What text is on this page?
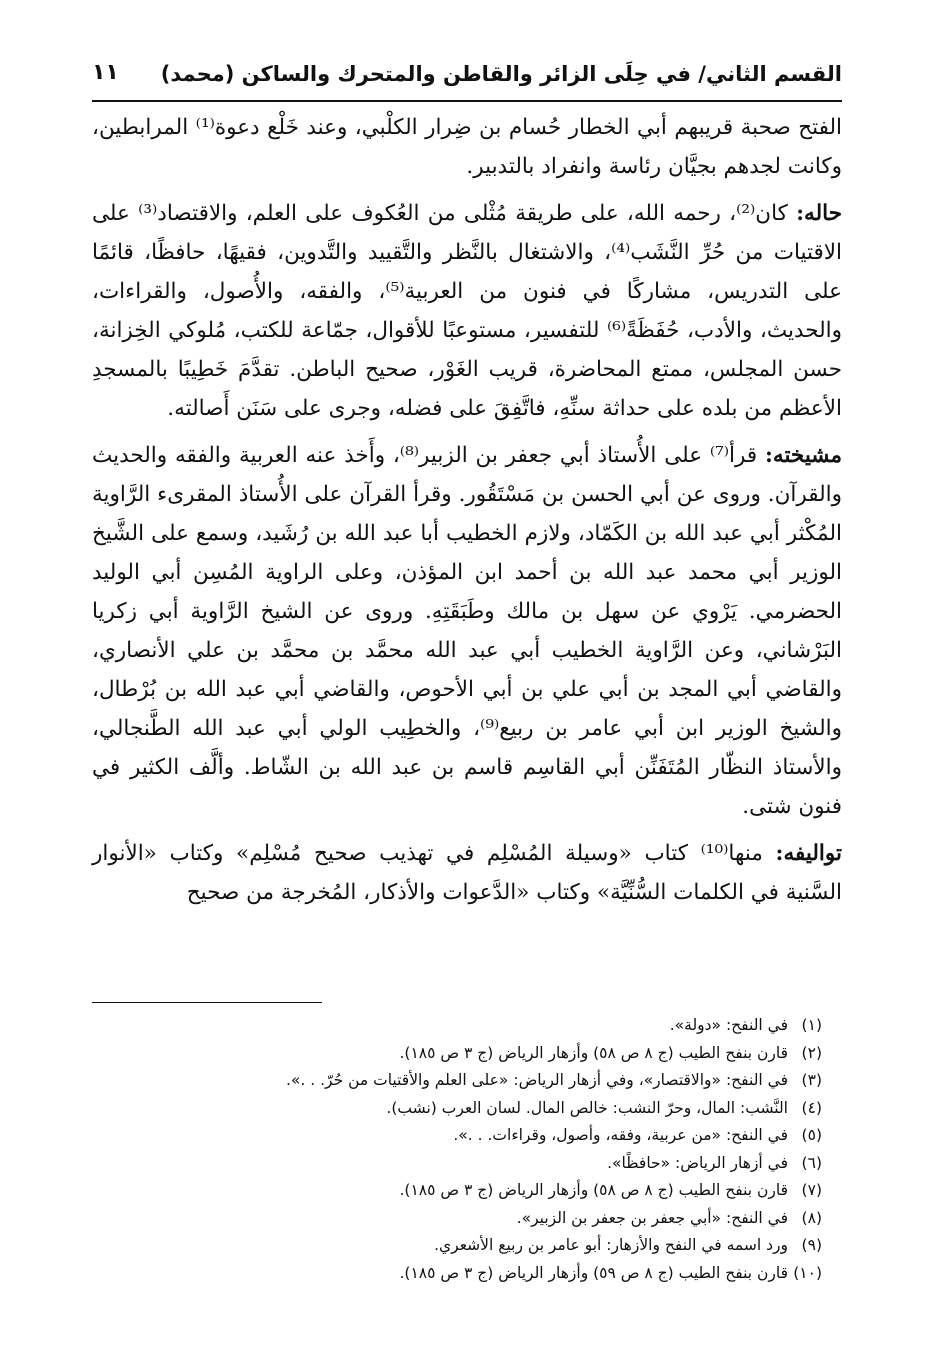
القسم الثاني/ في حِلَى الزائر والقاطن والمتحرك والساكن (محمد)
١١

الفتح صحبة قريبهم أبي الخطار حُسام بن ضِرار الكلْبي، وعند خَلْع دعوة⁽¹⁾ المرابطين، وكانت لجدهم بجيَّان رئاسة وانفراد بالتدبير.

حاله: كان⁽²⁾، رحمه الله، على طريقة مُثْلى من العُكوف على العلم، والاقتصاد⁽³⁾ على الاقتيات من حُرِّ النَّشَب⁽⁴⁾، والاشتغال بالنَّظر والتَّقييد والتَّدوين، فقيهًا، حافظًا، قائمًا على التدريس، مشاركًا في فنون من العربية⁽⁵⁾، والفقه، والأُصول، والقراءات، والحديث، والأدب، حُفَظَةً⁽⁶⁾ للتفسير، مستوعبًا للأقوال، جمّاعة للكتب، مُلوكي الخِزانة، حسن المجلس، ممتع المحاضرة، قريب الغَوْر، صحيح الباطن. تقدَّمَ خَطِيبًا بالمسجدِ الأعظم من بلده على حداثة سنِّهِ، فاتَّفِقَ على فضله، وجرى على سَنَن أَصالته.

مشيخته: قرأ⁽⁷⁾ على الأُستاذ أبي جعفر بن الزبير⁽⁸⁾، وأَخذ عنه العربية والفقه والحديث والقرآن. وروى عن أبي الحسن بن مَسْتَقُور. وقرأ القرآن على الأُستاذ المقرىء الرَّاوية المُكْثر أبي عبد الله بن الكَمّاد، ولازم الخطيب أبا عبد الله بن رُشَيد، وسمع على الشَّيخ الوزير أبي محمد عبد الله بن أحمد ابن المؤذن، وعلى الراوية المُسِن أبي الوليد الحضرمي. يَرْوي عن سهل بن مالك وطَبَقَتِهِ. وروى عن الشيخ الرَّاوية أبي زكريا البَرْشاني، وعن الرَّاوية الخطيب أبي عبد الله محمَّد بن محمَّد بن علي الأنصاري، والقاضي أبي المجد بن أبي علي بن أبي الأحوص، والقاضي أبي عبد الله بن بُرْطال، والشيخ الوزير ابن أبي عامر بن ربيع⁽⁹⁾، والخطِيب الولي أبي عبد الله الطَّنجالي، والأستاذ النظّار المُتَفَنِّن أبي القاسِم قاسم بن عبد الله بن الشّاط. وألَّف الكثير في فنون شتى.

تواليفه: منها⁽¹⁰⁾ كتاب «وسيلة المُسْلِم في تهذيب صحيح مُسْلِم» وكتاب «الأنوار السَّنية في الكلمات السُّنِّيَّة» وكتاب «الدَّعوات والأذكار، المُخرجة من صحيح

(١)في النفح: «دولة».
(٢)قارن بنفح الطيب (ج ٨ ص ٥٨) وأزهار الرياض (ج ٣ ص ١٨٥).
(٣)في النفح: «والاقتصار»، وفي أزهار الرياض: «على العلم والأقتيات من حُرّ. . .».
(٤)النَّشب: المال، وحرّ النشب: خالص المال. لسان العرب (نشب).
(٥)في النفح: «من عربية، وفقه، وأصول، وقراءات. . .».
(٦)في أزهار الرياض: «حافظًا».
(٧)قارن بنفح الطيب (ج ٨ ص ٥٨) وأزهار الرياض (ج ٣ ص ١٨٥).
(٨)في النفح: «أبي جعفر بن جعفر بن الزبير».
(٩)ورد اسمه في النفح والأزهار: أبو عامر بن ربيع الأشعري.
(١٠)قارن بنفح الطيب (ج ٨ ص ٥٩) وأزهار الرياض (ج ٣ ص ١٨٥).
